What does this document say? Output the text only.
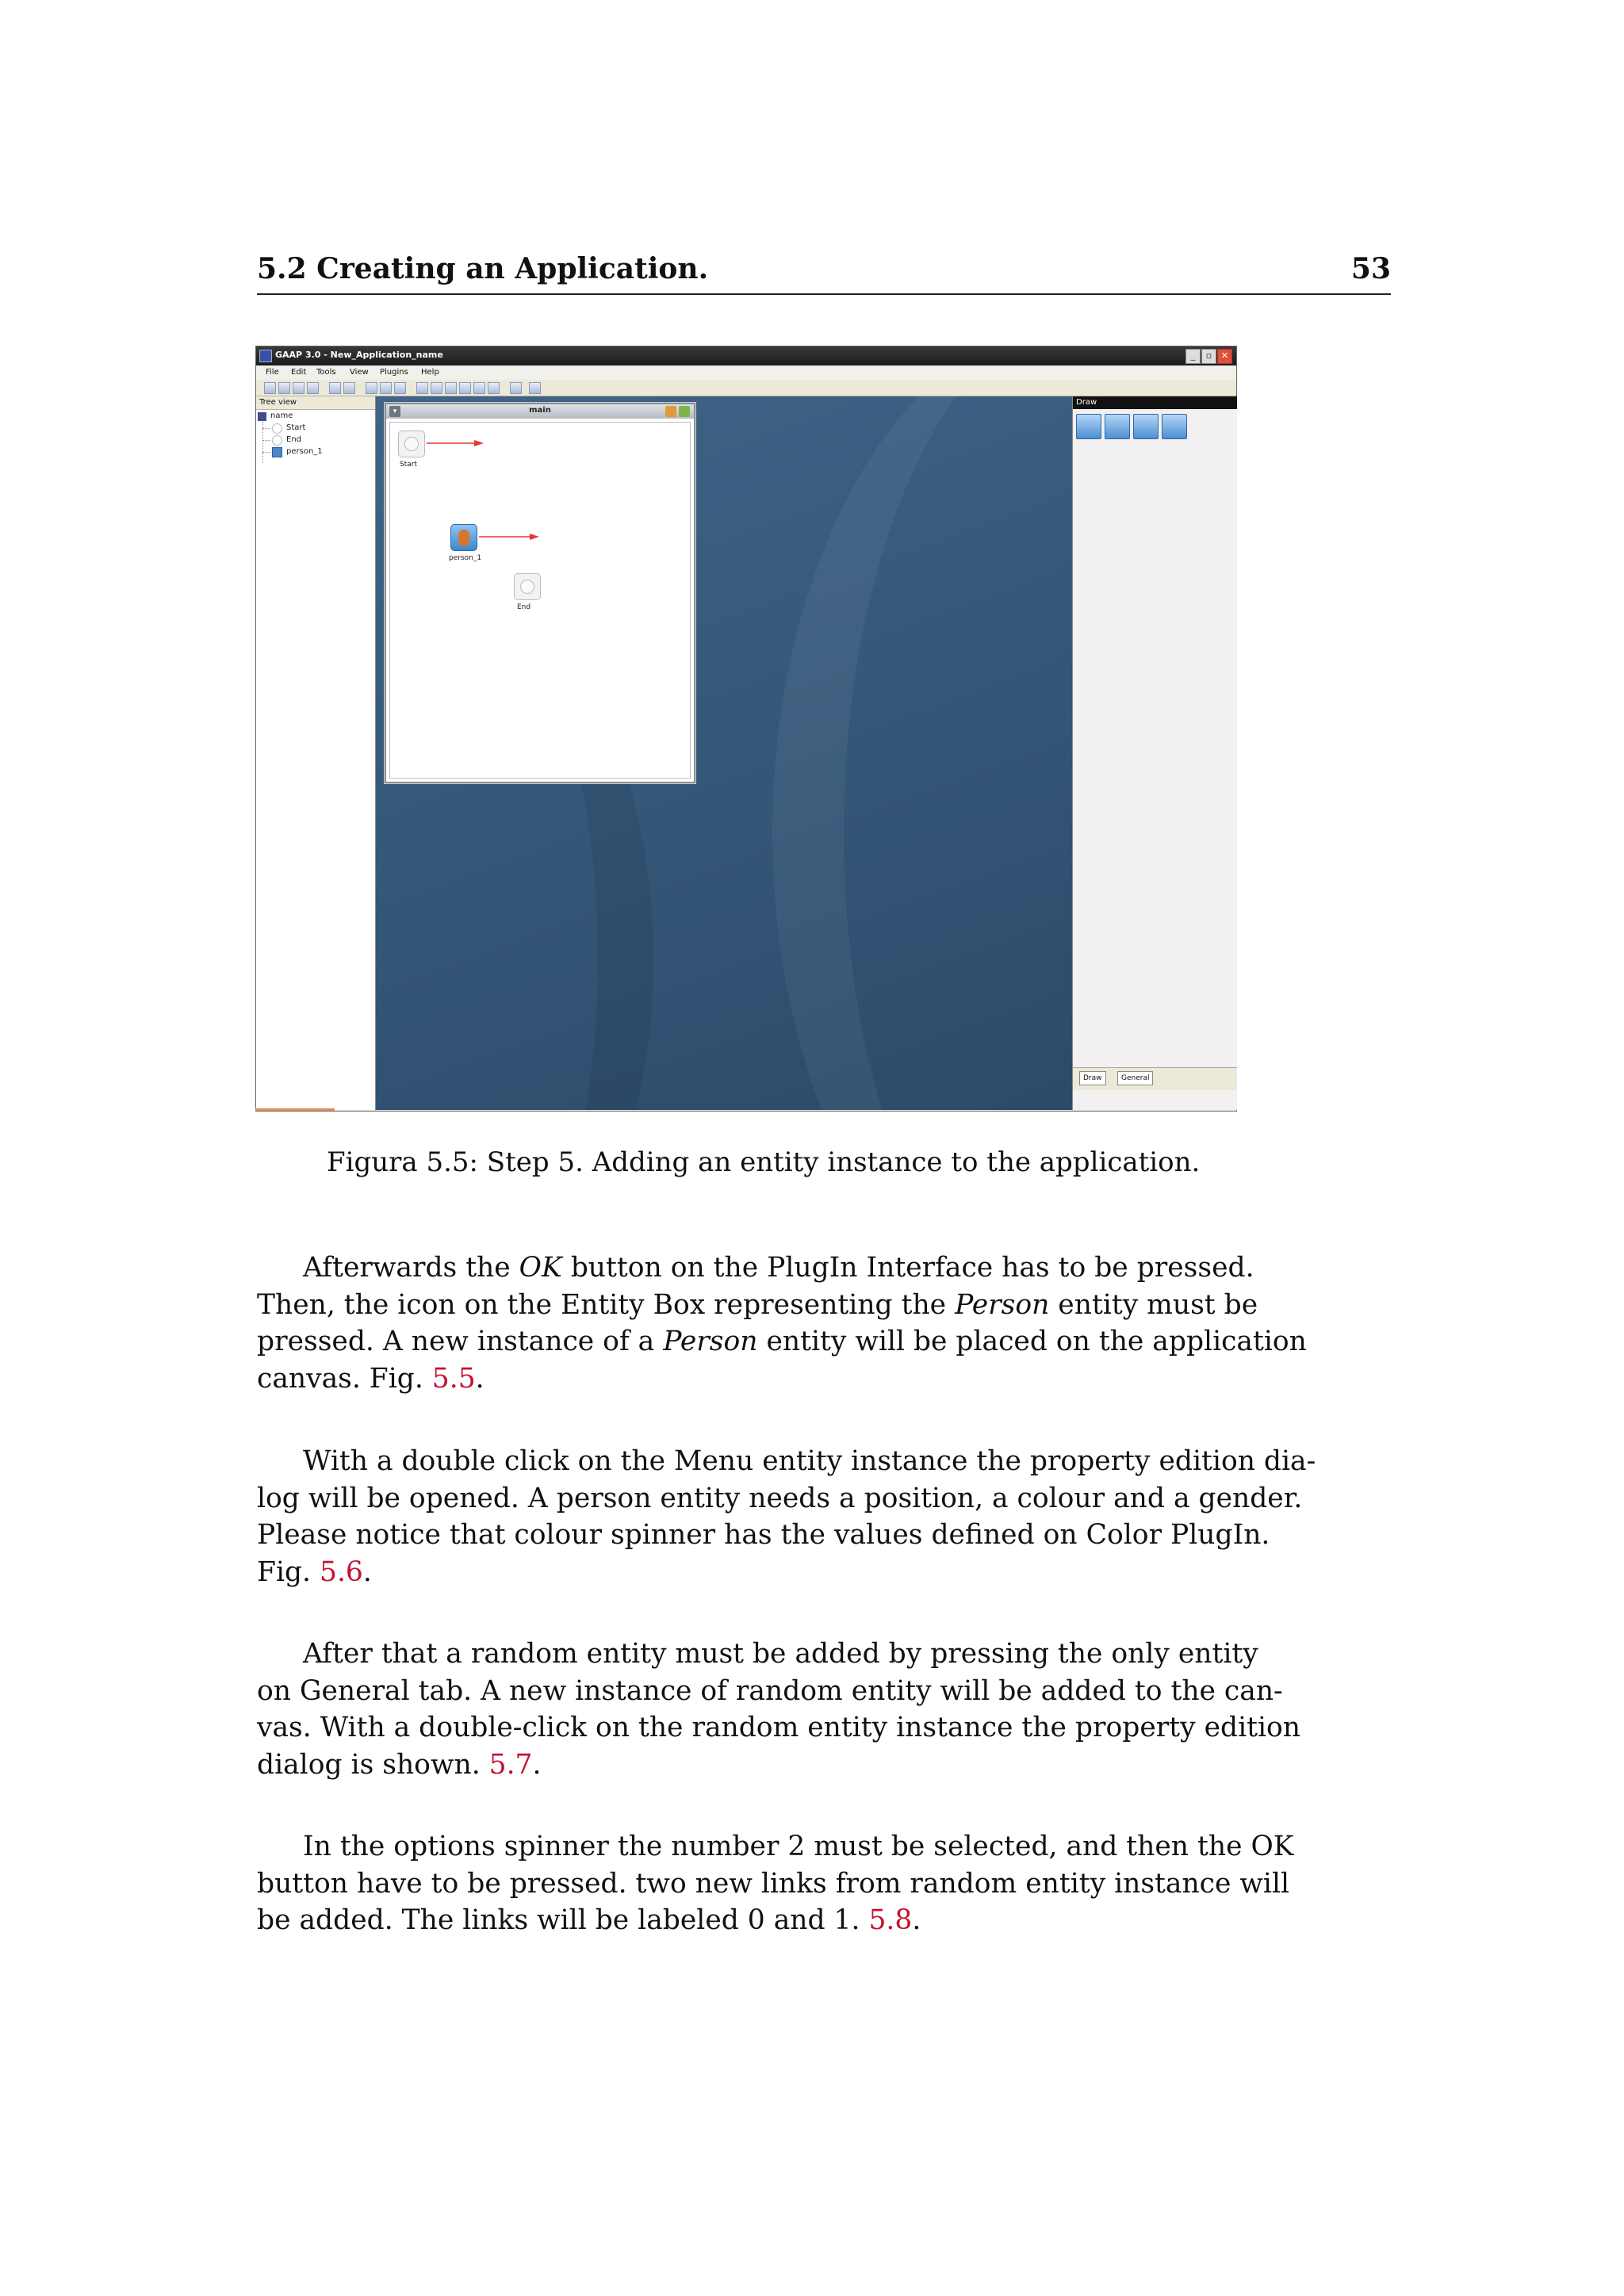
5.2 Creating an Application.	53
GAAP 3.0 - New_Application_name	_	▫	✕
File Edit Tools View Plugins Help
Tree view
name
Start
End
person_1
▾	main
Start
person_1
End
Draw
Draw	General
Figura 5.5: Step 5. Adding an entity instance to the application.
Afterwards the OK button on the PlugIn Interface has to be pressed.
Then, the icon on the Entity Box representing the Person entity must be
pressed. A new instance of a Person entity will be placed on the application
canvas. Fig. 5.5.
With a double click on the Menu entity instance the property edition dia-
log will be opened. A person entity needs a position, a colour and a gender.
Please notice that colour spinner has the values defined on Color PlugIn.
Fig. 5.6.
After that a random entity must be added by pressing the only entity
on General tab. A new instance of random entity will be added to the can-
vas. With a double-click on the random entity instance the property edition
dialog is shown. 5.7.
In the options spinner the number 2 must be selected, and then the OK
button have to be pressed. two new links from random entity instance will
be added. The links will be labeled 0 and 1. 5.8.
